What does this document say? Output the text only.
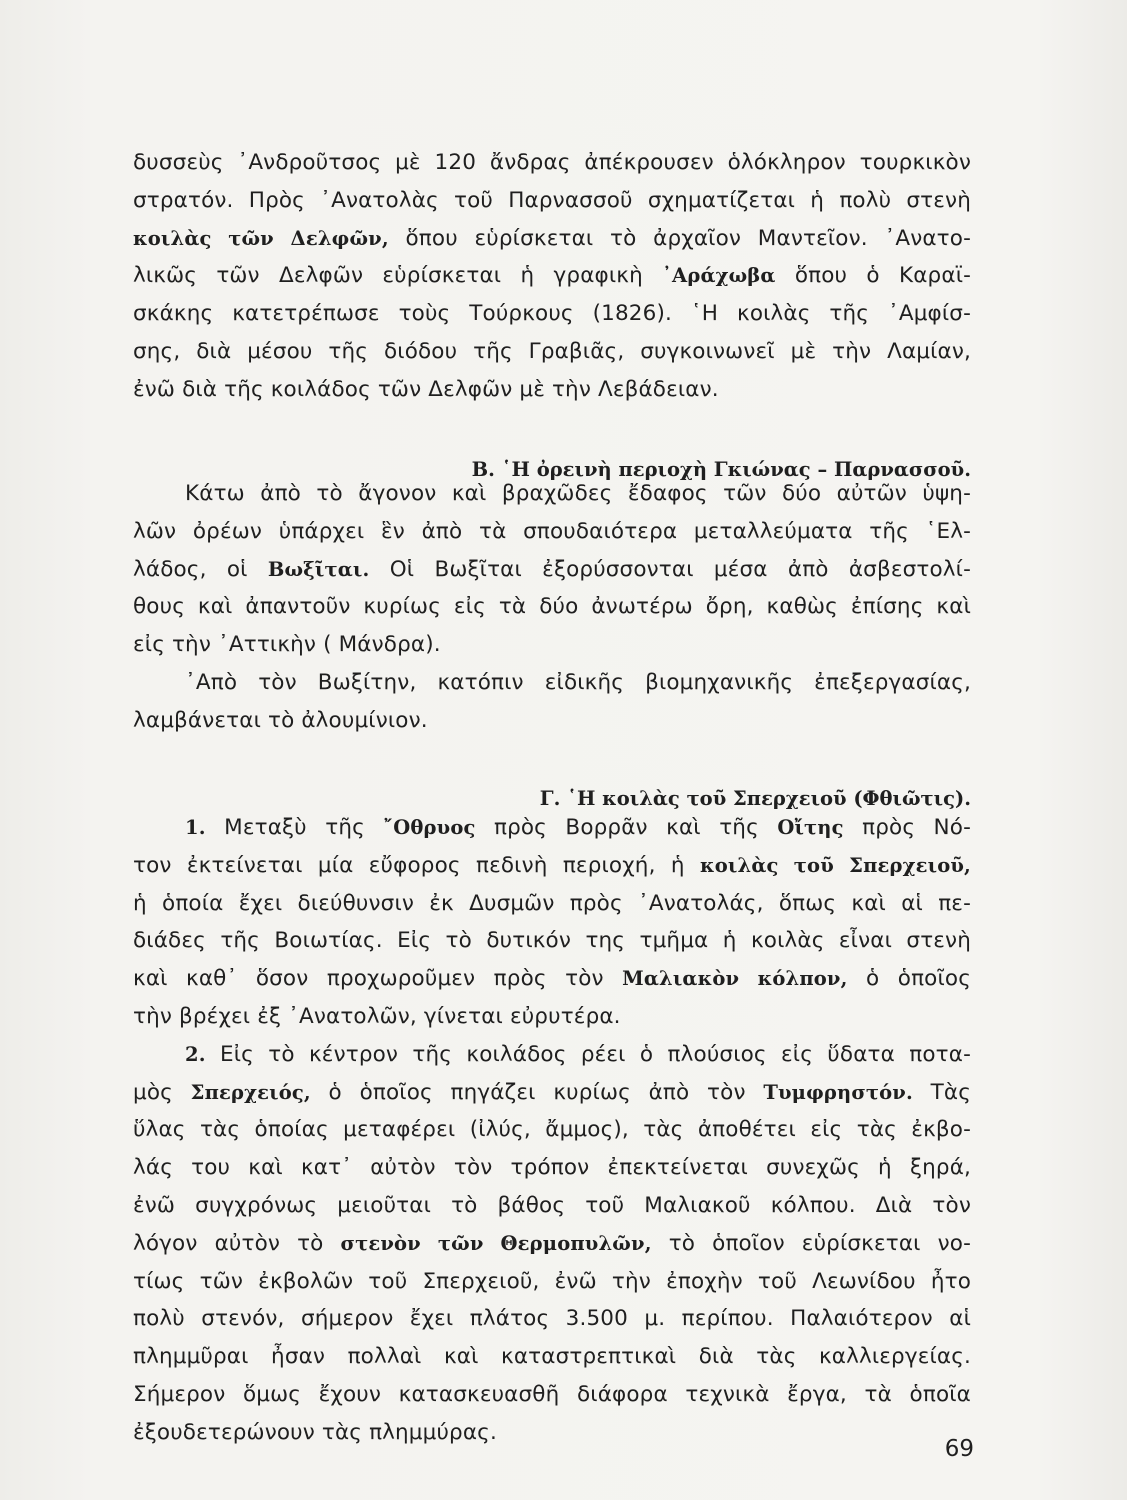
δυσσεὺς ᾿Ανδροῦτσος μὲ 120 ἄνδρας ἀπέκρουσεν ὁλόκληρον τουρκικὸν
στρατόν. Πρὸς ᾿Ανατολὰς τοῦ Παρνασσοῦ σχηματίζεται ἡ πολὺ στενὴ
κοιλὰς τῶν Δελφῶν, ὅπου εὑρίσκεται τὸ ἀρχαῖον Μαντεῖον. ᾿Ανατο-
λικῶς τῶν Δελφῶν εὑρίσκεται ἡ γραφικὴ ᾿Αράχωβα ὅπου ὁ Καραϊ-
σκάκης κατετρέπωσε τοὺς Τούρκους (1826). ῾Η κοιλὰς τῆς ᾿Αμφίσ-
σης, διὰ μέσου τῆς διόδου τῆς Γραβιᾶς, συγκοινωνεῖ μὲ τὴν Λαμίαν,
ἐνῶ διὰ τῆς κοιλάδος τῶν Δελφῶν μὲ τὴν Λεβάδειαν.
Β. ῾Η ὀρεινὴ περιοχὴ Γκιώνας – Παρνασσοῦ.
Κάτω ἀπὸ τὸ ἄγονον καὶ βραχῶδες ἔδαφος τῶν δύο αὐτῶν ὑψη-
λῶν ὀρέων ὑπάρχει ἓν ἀπὸ τὰ σπουδαιότερα μεταλλεύματα τῆς ῾Ελ-
λάδος, οἱ Βωξῖται. Οἱ Βωξῖται ἐξορύσσονται μέσα ἀπὸ ἀσβεστολί-
θους καὶ ἀπαντοῦν κυρίως εἰς τὰ δύο ἀνωτέρω ὄρη, καθὼς ἐπίσης καὶ
εἰς τὴν ᾿Αττικὴν ( Μάνδρα).
᾿Απὸ τὸν Βωξίτην, κατόπιν εἰδικῆς βιομηχανικῆς ἐπεξεργασίας,
λαμβάνεται τὸ ἀλουμίνιον.
Γ. ῾Η κοιλὰς τοῦ Σπερχειοῦ (Φθιῶτις).
1. Μεταξὺ τῆς ῎Οθρυος πρὸς Βορρᾶν καὶ τῆς Οἴτης πρὸς Νό-
τον ἐκτείνεται μία εὔφορος πεδινὴ περιοχή, ἡ κοιλὰς τοῦ Σπερχειοῦ,
ἡ ὁποία ἔχει διεύθυνσιν ἐκ Δυσμῶν πρὸς ᾿Ανατολάς, ὅπως καὶ αἱ πε-
διάδες τῆς Βοιωτίας. Εἰς τὸ δυτικόν της τμῆμα ἡ κοιλὰς εἶναι στενὴ
καὶ καθ᾿ ὅσον προχωροῦμεν πρὸς τὸν Μαλιακὸν κόλπον, ὁ ὁποῖος
τὴν βρέχει ἐξ ᾿Ανατολῶν, γίνεται εὐρυτέρα.
2. Εἰς τὸ κέντρον τῆς κοιλάδος ρέει ὁ πλούσιος εἰς ὕδατα ποτα-
μὸς Σπερχειός, ὁ ὁποῖος πηγάζει κυρίως ἀπὸ τὸν Τυμφρηστόν. Τὰς
ὕλας τὰς ὁποίας μεταφέρει (ἰλύς, ἄμμος), τὰς ἀποθέτει εἰς τὰς ἐκβο-
λάς του καὶ κατ᾿ αὐτὸν τὸν τρόπον ἐπεκτείνεται συνεχῶς ἡ ξηρά,
ἐνῶ συγχρόνως μειοῦται τὸ βάθος τοῦ Μαλιακοῦ κόλπου. Διὰ τὸν
λόγον αὐτὸν τὸ στενὸν τῶν Θερμοπυλῶν, τὸ ὁποῖον εὑρίσκεται νο-
τίως τῶν ἐκβολῶν τοῦ Σπερχειοῦ, ἐνῶ τὴν ἐποχὴν τοῦ Λεωνίδου ἦτο
πολὺ στενόν, σήμερον ἔχει πλάτος 3.500 μ. περίπου. Παλαιότερον αἱ
πλημμῦραι ἦσαν πολλαὶ καὶ καταστρεπτικαὶ διὰ τὰς καλλιεργείας.
Σήμερον ὅμως ἔχουν κατασκευασθῆ διάφορα τεχνικὰ ἔργα, τὰ ὁποῖα
ἐξουδετερώνουν τὰς πλημμύρας.
69
